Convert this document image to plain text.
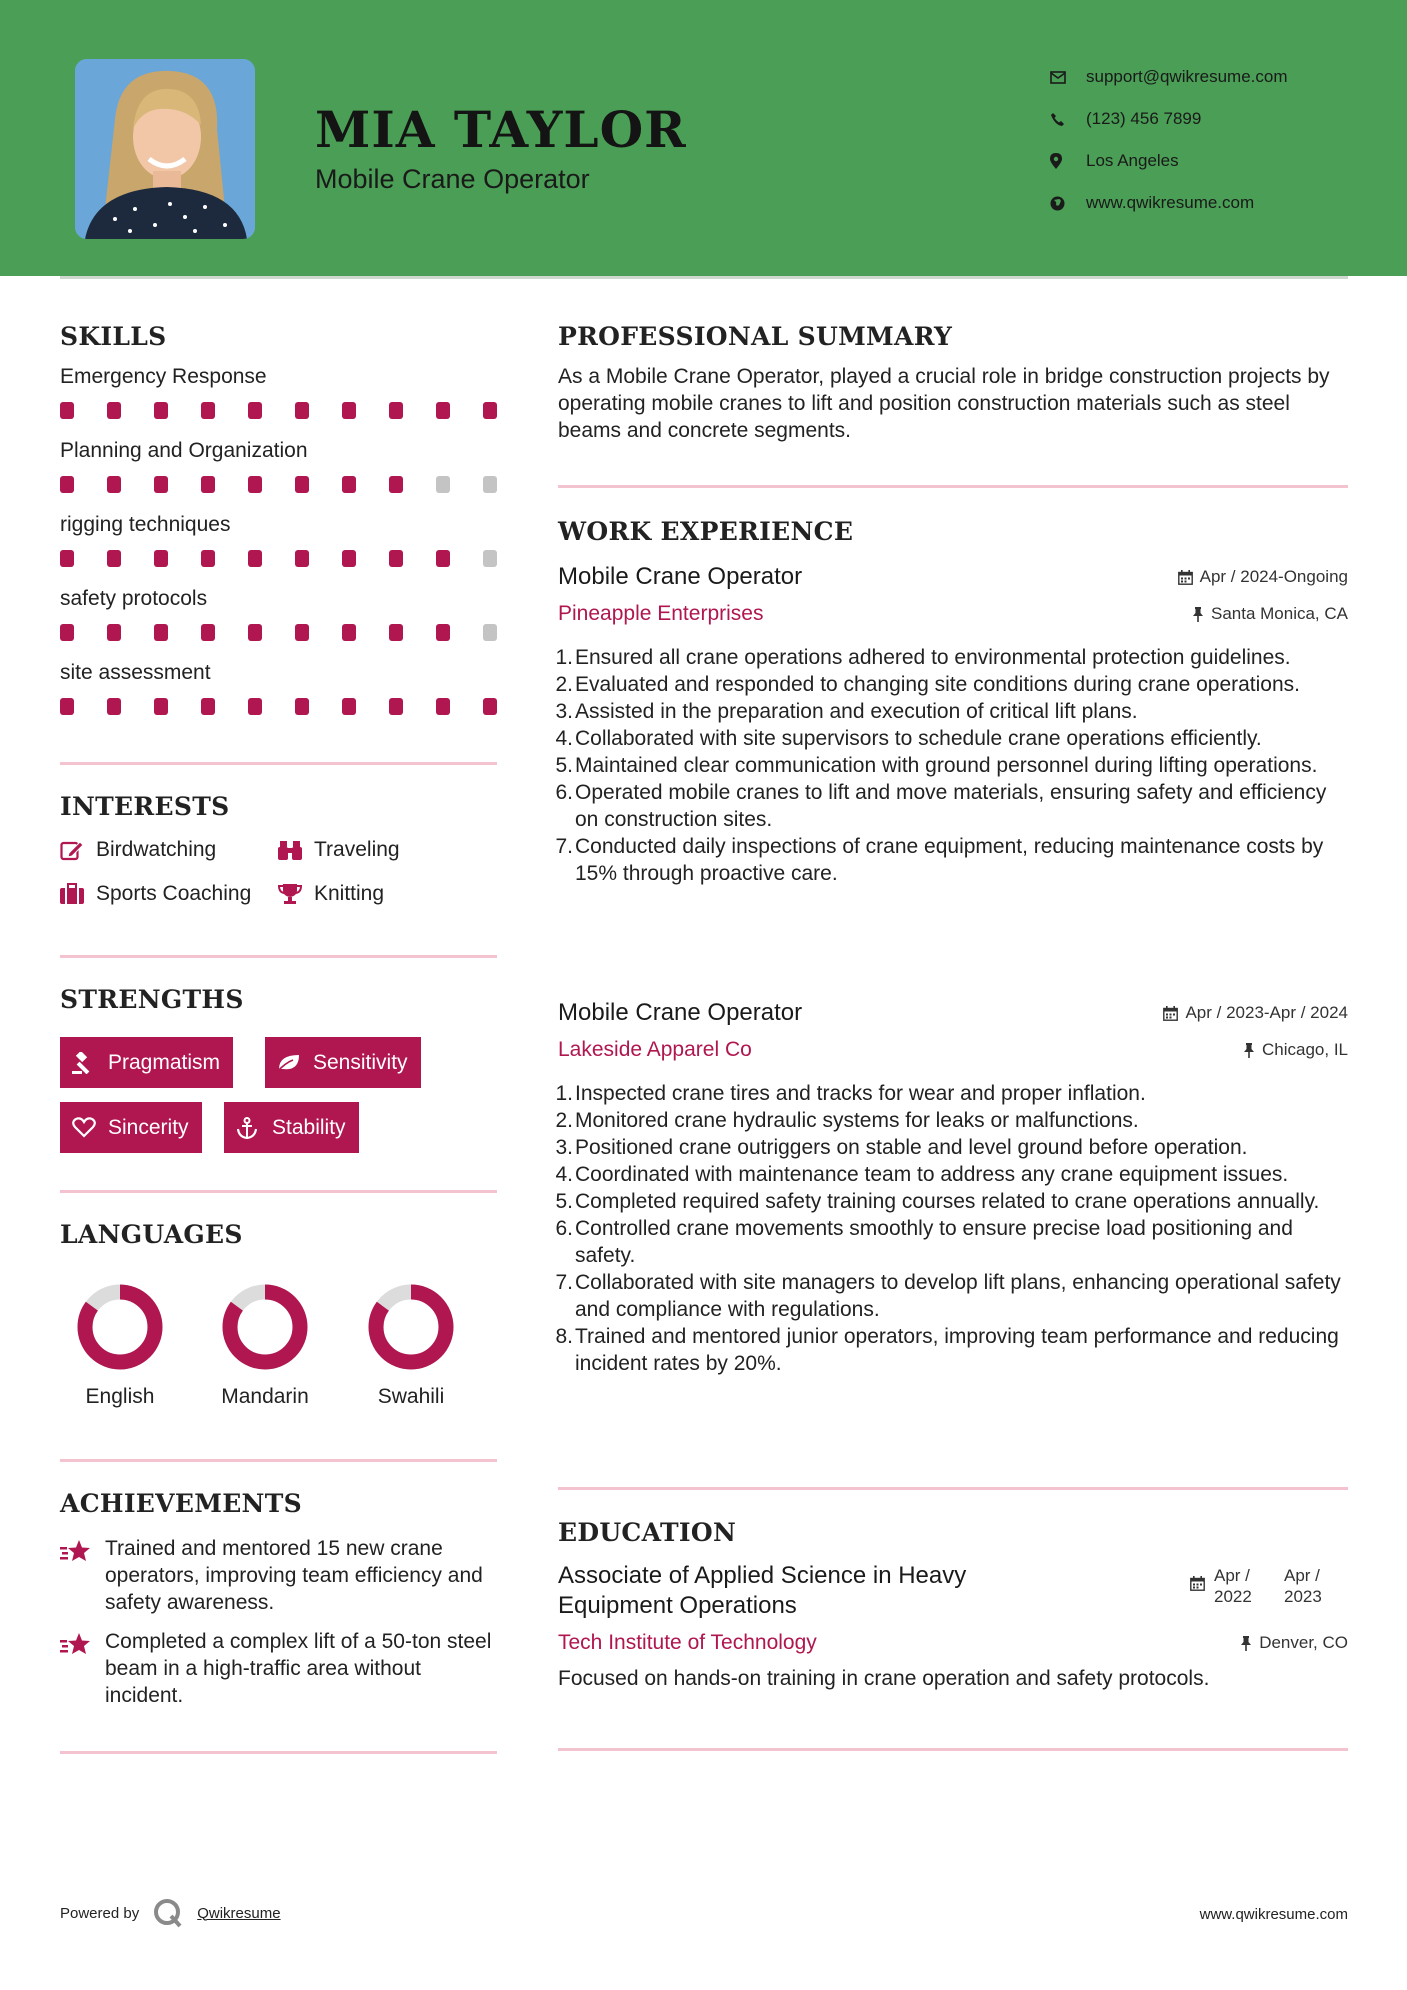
MIA TAYLOR
Mobile Crane Operator
support@qwikresume.com
(123) 456 7899
Los Angeles
www.qwikresume.com
SKILLS
Emergency Response
Planning and Organization
rigging techniques
safety protocols
site assessment
INTERESTS
Birdwatching	Traveling
Sports Coaching	Knitting
STRENGTHS
Pragmatism	Sensitivity
Sincerity	Stability
LANGUAGES
English	Mandarin	Swahili
ACHIEVEMENTS
Trained and mentored 15 new crane operators, improving team efficiency and safety awareness.
Completed a complex lift of a 50-ton steel beam in a high-traffic area without incident.
PROFESSIONAL SUMMARY
As a Mobile Crane Operator, played a crucial role in bridge construction projects by operating mobile cranes to lift and position construction materials such as steel beams and concrete segments.
WORK EXPERIENCE
Mobile Crane Operator	Apr / 2024-Ongoing
Pineapple Enterprises	Santa Monica, CA
1. Ensured all crane operations adhered to environmental protection guidelines.
2. Evaluated and responded to changing site conditions during crane operations.
3. Assisted in the preparation and execution of critical lift plans.
4. Collaborated with site supervisors to schedule crane operations efficiently.
5. Maintained clear communication with ground personnel during lifting operations.
6. Operated mobile cranes to lift and move materials, ensuring safety and efficiency on construction sites.
7. Conducted daily inspections of crane equipment, reducing maintenance costs by 15% through proactive care.
Mobile Crane Operator	Apr / 2023-Apr / 2024
Lakeside Apparel Co	Chicago, IL
1. Inspected crane tires and tracks for wear and proper inflation.
2. Monitored crane hydraulic systems for leaks or malfunctions.
3. Positioned crane outriggers on stable and level ground before operation.
4. Coordinated with maintenance team to address any crane equipment issues.
5. Completed required safety training courses related to crane operations annually.
6. Controlled crane movements smoothly to ensure precise load positioning and safety.
7. Collaborated with site managers to develop lift plans, enhancing operational safety and compliance with regulations.
8. Trained and mentored junior operators, improving team performance and reducing incident rates by 20%.
EDUCATION
Associate of Applied Science in Heavy Equipment Operations
Apr / 2022
Apr / 2023
Tech Institute of Technology	Denver, CO
Focused on hands-on training in crane operation and safety protocols.
Powered by	Qwikresume	www.qwikresume.com
